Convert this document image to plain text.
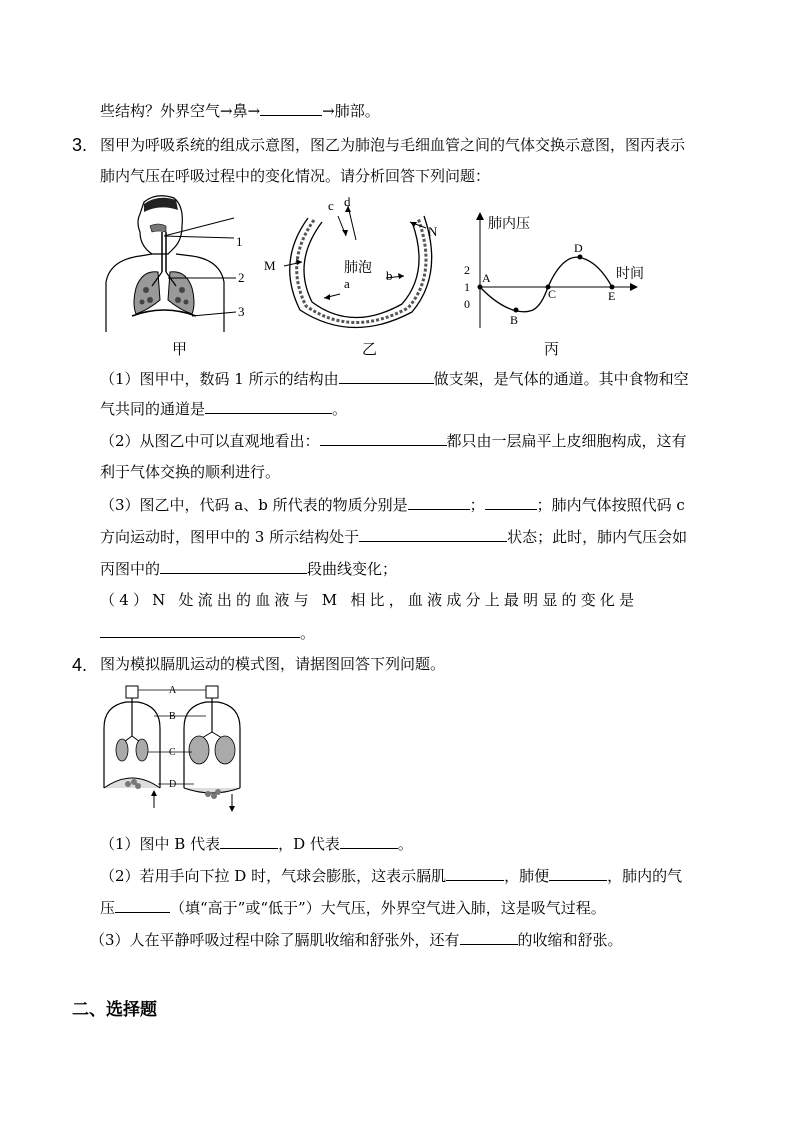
些结构？外界空气→鼻→	→肺部。
3. 图甲为呼吸系统的组成示意图，图乙为肺泡与毛细血管之间的气体交换示意图，图丙表示
肺内气压在呼吸过程中的变化情况。请分析回答下列问题：
1
2
3
甲
c d
N
M	肺泡 b
a
乙
肺内压
时间
2
1
0
A
B
C
D
E
丙
（1）图甲中，数码 1 所示的结构由	做支架，是气体的通道。其中食物和空
气共同的通道是	。
（2）从图乙中可以直观地看出：	都只由一层扁平上皮细胞构成，这有
利于气体交换的顺利进行。
（3）图乙中，代码 a、b 所代表的物质分别是	；	；肺内气体按照代码 c
方向运动时，图甲中的 3 所示结构处于	状态；此时，肺内气压会如
丙图中的	段曲线变化；
（4）N 处流出的血液与 M 相比，血液成分上最明显的变化是
。
4. 图为模拟膈肌运动的模式图，请据图回答下列问题。
A
B
C
D
（1）图中 B 代表	，D 代表	。
（2）若用手向下拉 D 时，气球会膨胀，这表示膈肌	，肺便	，肺内的气
压	（填“高于”或“低于”）大气压，外界空气进入肺，这是吸气过程。
（3）人在平静呼吸过程中除了膈肌收缩和舒张外，还有	的收缩和舒张。
二、选择题
